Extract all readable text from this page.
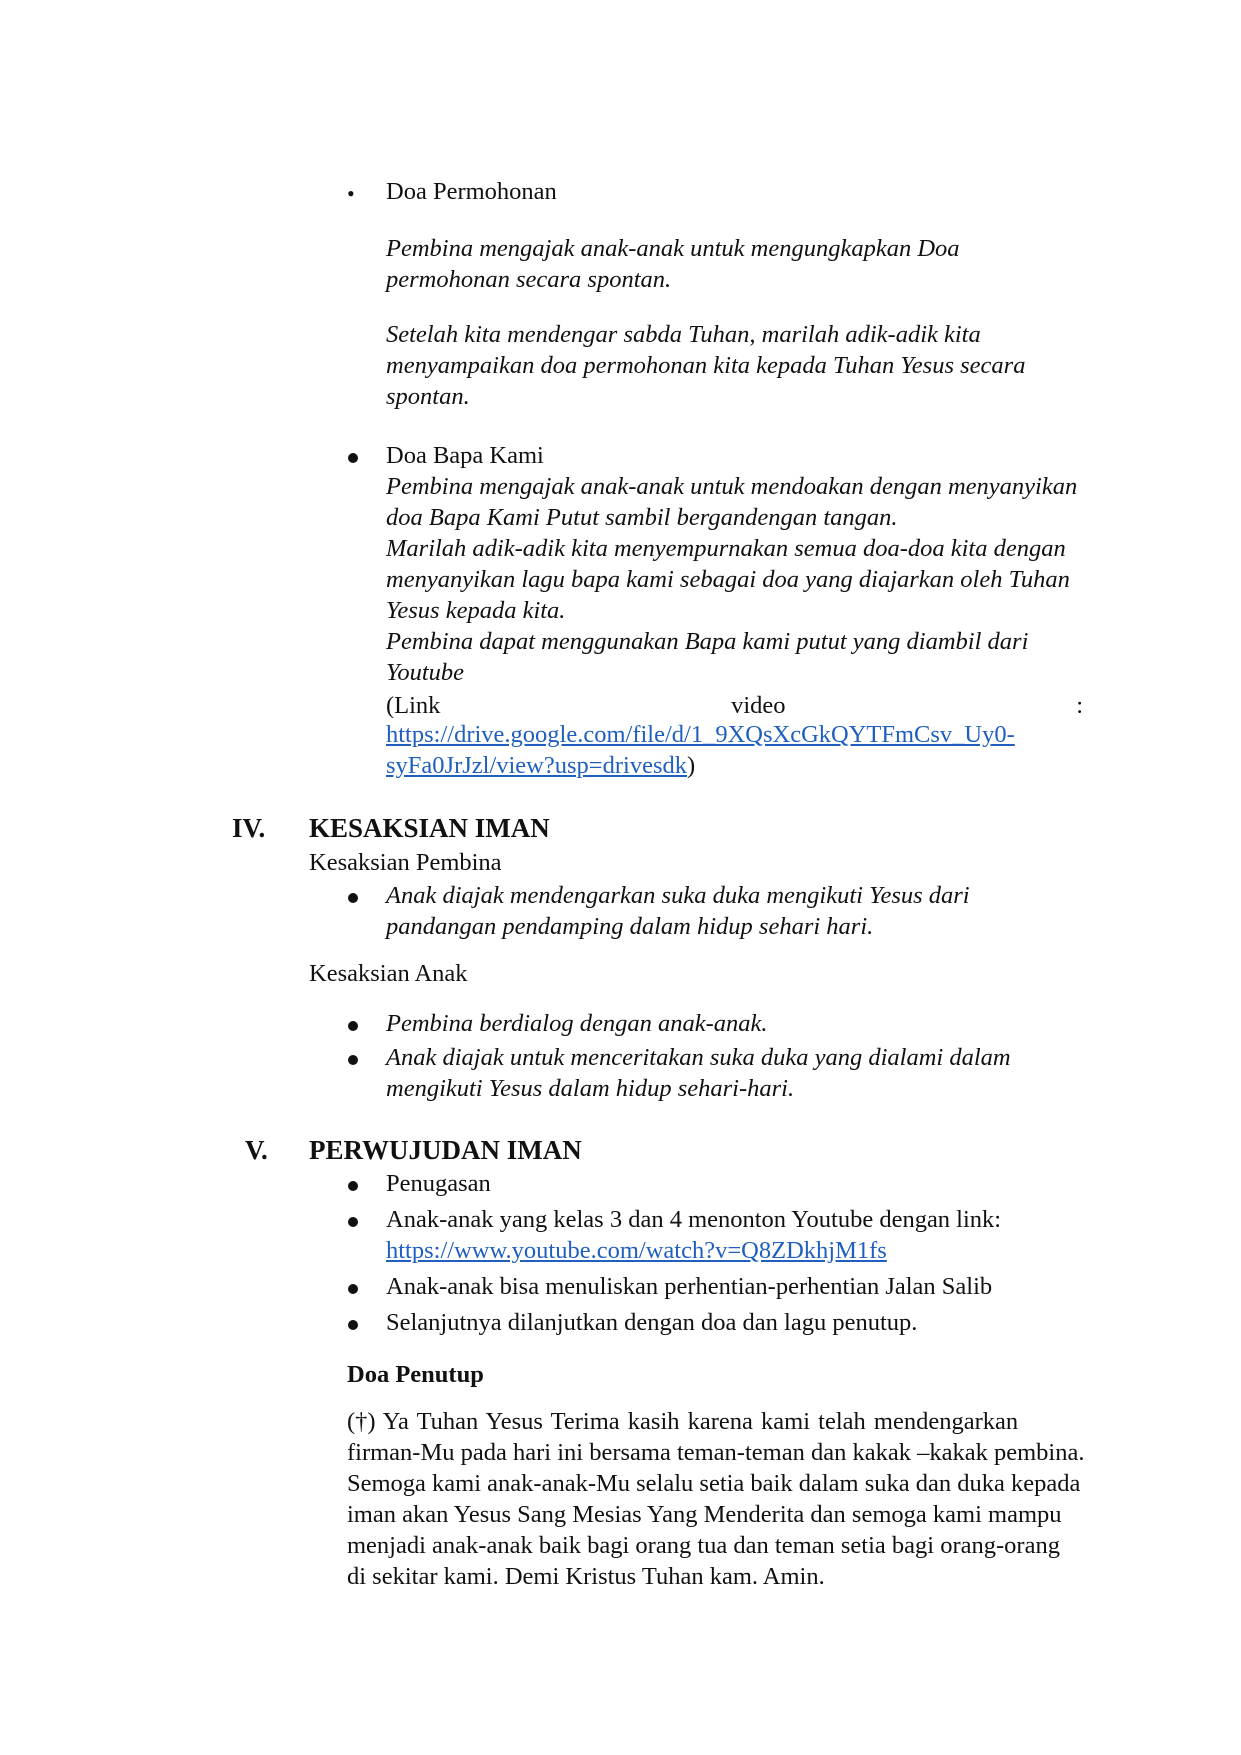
• Doa Permohonan
Pembina mengajak anak-anak untuk mengungkapkan Doa
permohonan secara spontan.
Setelah kita mendengar sabda Tuhan, marilah adik-adik kita
menyampaikan doa permohonan kita kepada Tuhan Yesus secara
spontan.
Doa Bapa Kami
Pembina mengajak anak-anak untuk mendoakan dengan menyanyikan
doa Bapa Kami Putut sambil bergandengan tangan.
Marilah adik-adik kita menyempurnakan semua doa-doa kita dengan
menyanyikan lagu bapa kami sebagai doa yang diajarkan oleh Tuhan
Yesus kepada kita.
Pembina dapat menggunakan Bapa kami putut yang diambil dari
Youtube
(Link	video	:
https://drive.google.com/file/d/1_9XQsXcGkQYTFmCsv_Uy0-
syFa0JrJzl/view?usp=drivesdk)
IV. KESAKSIAN IMAN
Kesaksian Pembina
Anak diajak mendengarkan suka duka mengikuti Yesus dari
pandangan pendamping dalam hidup sehari hari.
Kesaksian Anak
Pembina berdialog dengan anak-anak.
Anak diajak untuk menceritakan suka duka yang dialami dalam
mengikuti Yesus dalam hidup sehari-hari.
V. PERWUJUDAN IMAN
Penugasan
Anak-anak yang kelas 3 dan 4 menonton Youtube dengan link:
https://www.youtube.com/watch?v=Q8ZDkhjM1fs
Anak-anak bisa menuliskan perhentian-perhentian Jalan Salib
Selanjutnya dilanjutkan dengan doa dan lagu penutup.
Doa Penutup
(†) Ya Tuhan Yesus Terima kasih karena kami telah mendengarkan
firman-Mu pada hari ini bersama teman-teman dan kakak –kakak pembina.
Semoga kami anak-anak-Mu selalu setia baik dalam suka dan duka kepada
iman akan Yesus Sang Mesias Yang Menderita dan semoga kami mampu
menjadi anak-anak baik bagi orang tua dan teman setia bagi orang-orang
di sekitar kami. Demi Kristus Tuhan kam. Amin.
